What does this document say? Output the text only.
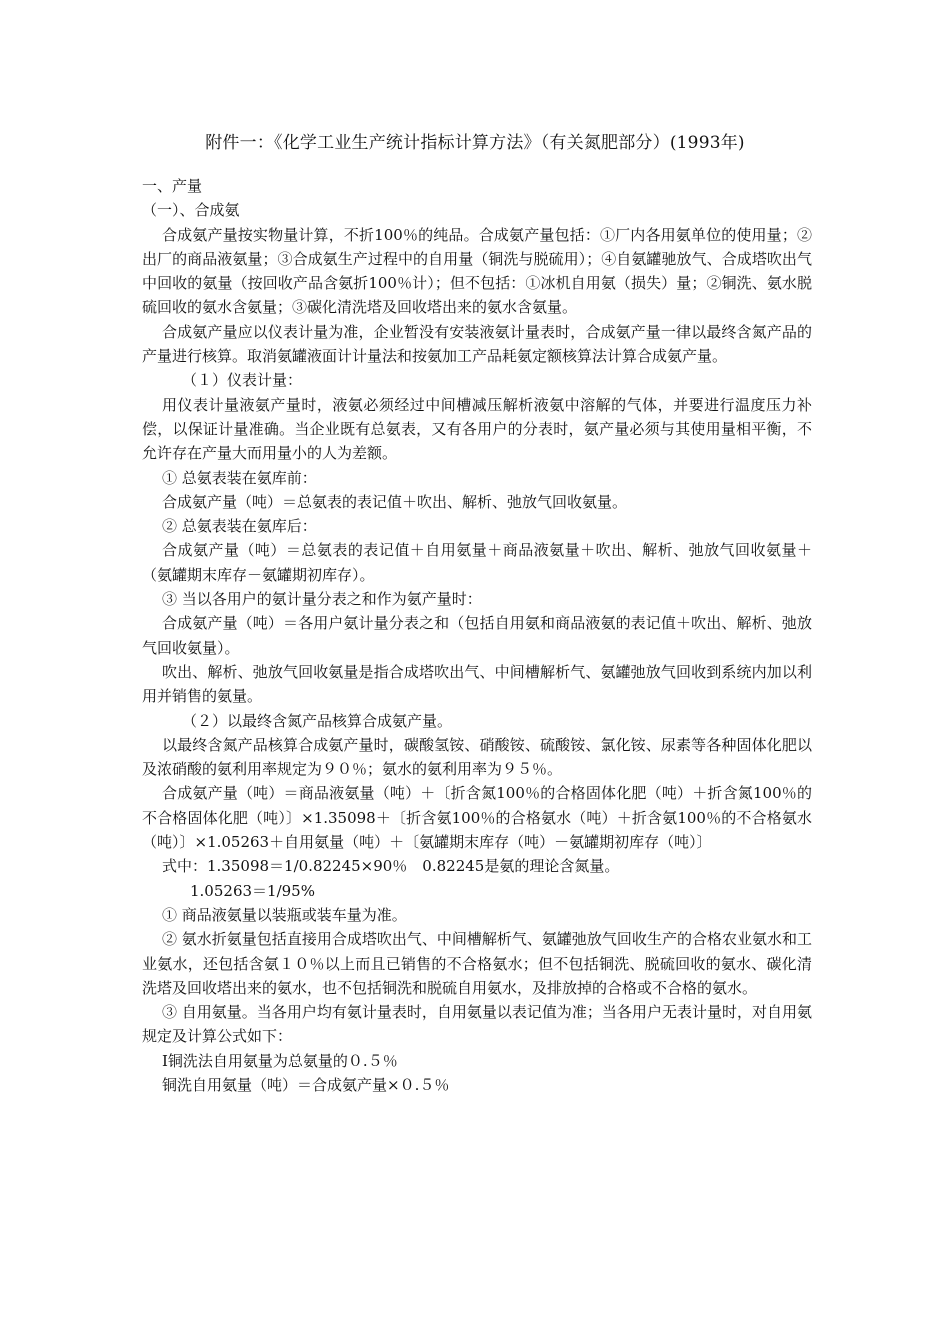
附件一：《化学工业生产统计指标计算方法》（有关氮肥部分）(1993年)

一、产量

（一）、合成氨

合成氨产量按实物量计算，不折100％的纯品。合成氨产量包括：①厂内各用氨单位的使用量；②出厂的商品液氨量；③合成氨生产过程中的自用量（铜洗与脱硫用）；④自氨罐驰放气、合成塔吹出气中回收的氨量（按回收产品含氨折100％计）；但不包括：①冰机自用氨（损失）量；②铜洗、氨水脱硫回收的氨水含氨量；③碳化清洗塔及回收塔出来的氨水含氨量。

合成氨产量应以仪表计量为准，企业暂没有安装液氨计量表时，合成氨产量一律以最终含氮产品的产量进行核算。取消氨罐液面计计量法和按氨加工产品耗氨定额核算法计算合成氨产量。

（１）仪表计量：

用仪表计量液氨产量时，液氨必须经过中间槽减压解析液氨中溶解的气体，并要进行温度压力补偿，以保证计量准确。当企业既有总氨表，又有各用户的分表时，氨产量必须与其使用量相平衡，不允许存在产量大而用量小的人为差额。

① 总氨表装在氨库前：

合成氨产量（吨）＝总氨表的表记值＋吹出、解析、弛放气回收氨量。

② 总氨表装在氨库后：

合成氨产量（吨）＝总氨表的表记值＋自用氨量＋商品液氨量＋吹出、解析、弛放气回收氨量＋（氨罐期末库存－氨罐期初库存）。

③ 当以各用户的氨计量分表之和作为氨产量时：

合成氨产量（吨）＝各用户氨计量分表之和（包括自用氨和商品液氨的表记值＋吹出、解析、弛放气回收氨量）。

吹出、解析、弛放气回收氨量是指合成塔吹出气、中间槽解析气、氨罐弛放气回收到系统内加以利用并销售的氨量。

（２）以最终含氮产品核算合成氨产量。

以最终含氮产品核算合成氨产量时，碳酸氢铵、硝酸铵、硫酸铵、氯化铵、尿素等各种固体化肥以及浓硝酸的氨利用率规定为９０％；氨水的氨利用率为９５％。

合成氨产量（吨）＝商品液氨量（吨）＋〔折含氮100％的合格固体化肥（吨）＋折含氮100％的不合格固体化肥（吨）〕×1.35098＋〔折含氨100％的合格氨水（吨）＋折含氨100％的不合格氨水（吨）〕×1.05263＋自用氨量（吨）＋〔氨罐期末库存（吨）－氨罐期初库存（吨）〕

式中：1.35098＝1/0.82245×90％　0.82245是氨的理论含氮量。

1.05263＝1/95%

① 商品液氨量以装瓶或装车量为准。

② 氨水折氨量包括直接用合成塔吹出气、中间槽解析气、氨罐弛放气回收生产的合格农业氨水和工业氨水，还包括含氨１０％以上而且已销售的不合格氨水；但不包括铜洗、脱硫回收的氨水、碳化清洗塔及回收塔出来的氨水，也不包括铜洗和脱硫自用氨水，及排放掉的合格或不合格的氨水。

③ 自用氨量。当各用户均有氨计量表时，自用氨量以表记值为准；当各用户无表计量时，对自用氨规定及计算公式如下：

Ⅰ铜洗法自用氨量为总氨量的０.５％

铜洗自用氨量（吨）＝合成氨产量×０.５％
